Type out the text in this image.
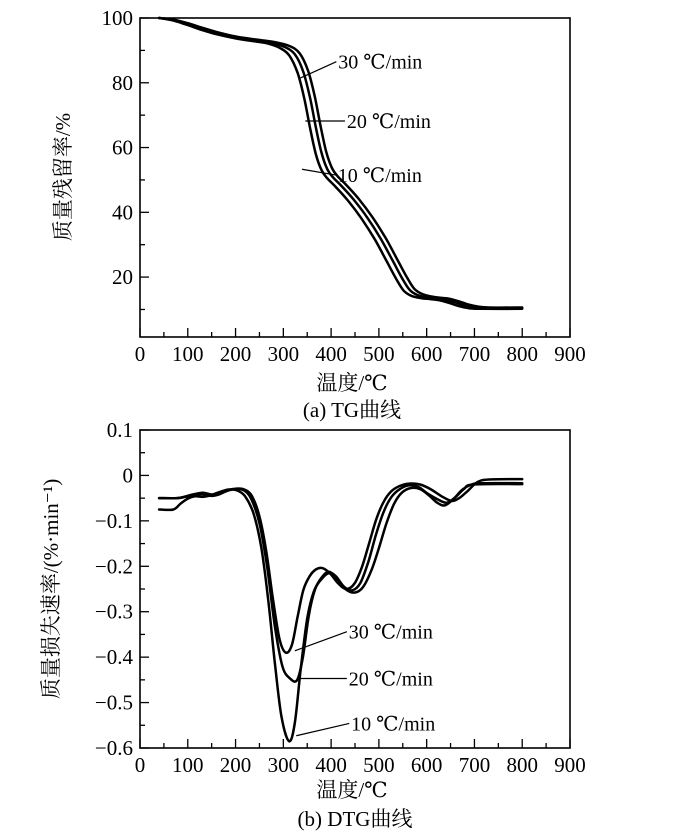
0 100 200 300 400 500 600 700 800 900
20
40
60
80
100
30 ℃/min
20 ℃/min
10 ℃/min
质量残留率/%
温度/℃
(a) TG曲线
0 100 200 300 400 500 600 700 800 900
0.1
0
−0.1
−0.2
−0.3
−0.4
−0.5
−0.6
30 ℃/min
20 ℃/min
10 ℃/min
质量损失速率/(%·min⁻¹)
温度/℃
(b) DTG曲线
